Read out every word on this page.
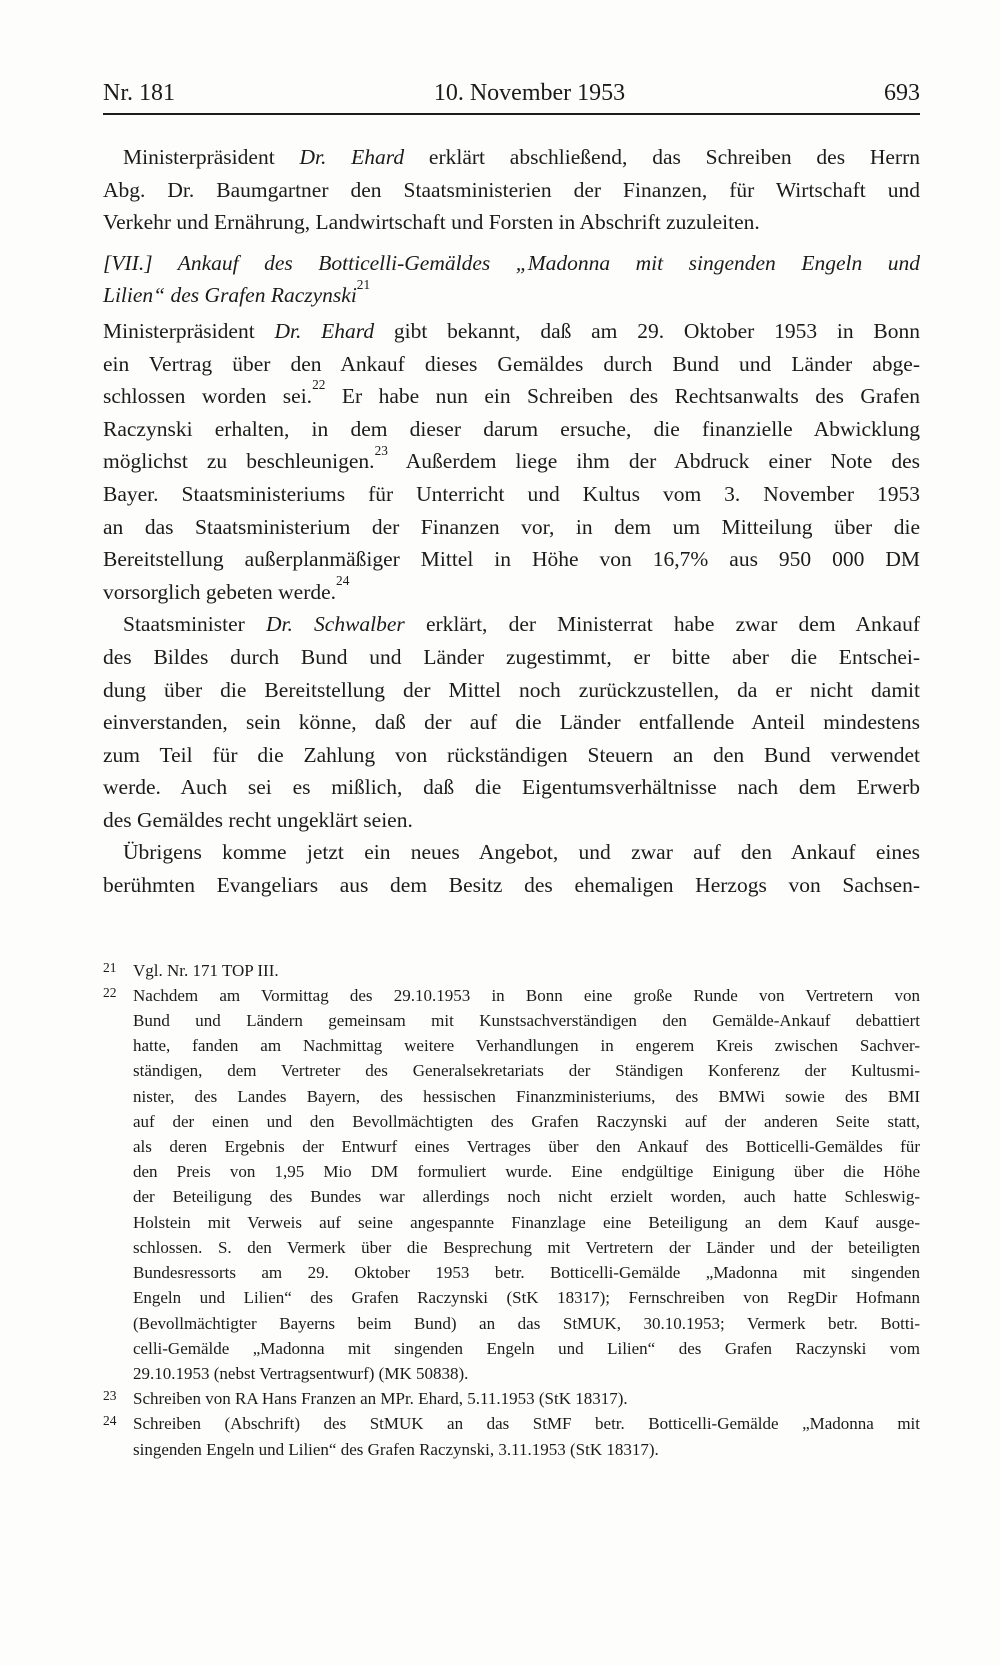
Nr. 181	10. November 1953	693
Ministerpräsident Dr. Ehard erklärt abschließend, das Schreiben des Herrn
Abg. Dr. Baumgartner den Staatsministerien der Finanzen, für Wirtschaft und
Verkehr und Ernährung, Landwirtschaft und Forsten in Abschrift zuzuleiten.
[VII.] Ankauf des Botticelli-Gemäldes „Madonna mit singenden Engeln und
Lilien“ des Grafen Raczynski$^{21}$
Ministerpräsident Dr. Ehard gibt bekannt, daß am 29. Oktober 1953 in Bonn
ein Vertrag über den Ankauf dieses Gemäldes durch Bund und Länder abge-
schlossen worden sei.$^{22}$ Er habe nun ein Schreiben des Rechtsanwalts des Grafen
Raczynski erhalten, in dem dieser darum ersuche, die finanzielle Abwicklung
möglichst zu beschleunigen.$^{23}$ Außerdem liege ihm der Abdruck einer Note des
Bayer. Staatsministeriums für Unterricht und Kultus vom 3. November 1953
an das Staatsministerium der Finanzen vor, in dem um Mitteilung über die
Bereitstellung außerplanmäßiger Mittel in Höhe von 16,7% aus 950 000 DM
vorsorglich gebeten werde.$^{24}$
Staatsminister Dr. Schwalber erklärt, der Ministerrat habe zwar dem Ankauf
des Bildes durch Bund und Länder zugestimmt, er bitte aber die Entschei-
dung über die Bereitstellung der Mittel noch zurückzustellen, da er nicht damit
einverstanden, sein könne, daß der auf die Länder entfallende Anteil mindestens
zum Teil für die Zahlung von rückständigen Steuern an den Bund verwendet
werde. Auch sei es mißlich, daß die Eigentumsverhältnisse nach dem Erwerb
des Gemäldes recht ungeklärt seien.
Übrigens komme jetzt ein neues Angebot, und zwar auf den Ankauf eines
berühmten Evangeliars aus dem Besitz des ehemaligen Herzogs von Sachsen-
21 Vgl. Nr. 171 TOP III.
22 Nachdem am Vormittag des 29.10.1953 in Bonn eine große Runde von Vertretern von
Bund und Ländern gemeinsam mit Kunstsachverständigen den Gemälde-Ankauf debattiert
hatte, fanden am Nachmittag weitere Verhandlungen in engerem Kreis zwischen Sachver-
ständigen, dem Vertreter des Generalsekretariats der Ständigen Konferenz der Kultusmi-
nister, des Landes Bayern, des hessischen Finanzministeriums, des BMWi sowie des BMI
auf der einen und den Bevollmächtigten des Grafen Raczynski auf der anderen Seite statt,
als deren Ergebnis der Entwurf eines Vertrages über den Ankauf des Botticelli-Gemäldes für
den Preis von 1,95 Mio DM formuliert wurde. Eine endgültige Einigung über die Höhe
der Beteiligung des Bundes war allerdings noch nicht erzielt worden, auch hatte Schleswig-
Holstein mit Verweis auf seine angespannte Finanzlage eine Beteiligung an dem Kauf ausge-
schlossen. S. den Vermerk über die Besprechung mit Vertretern der Länder und der beteiligten
Bundesressorts am 29. Oktober 1953 betr. Botticelli-Gemälde „Madonna mit singenden
Engeln und Lilien“ des Grafen Raczynski (StK 18317); Fernschreiben von RegDir Hofmann
(Bevollmächtigter Bayerns beim Bund) an das StMUK, 30.10.1953; Vermerk betr. Botti-
celli-Gemälde „Madonna mit singenden Engeln und Lilien“ des Grafen Raczynski vom
29.10.1953 (nebst Vertragsentwurf) (MK 50838).
23 Schreiben von RA Hans Franzen an MPr. Ehard, 5.11.1953 (StK 18317).
24 Schreiben (Abschrift) des StMUK an das StMF betr. Botticelli-Gemälde „Madonna mit
singenden Engeln und Lilien“ des Grafen Raczynski, 3.11.1953 (StK 18317).
